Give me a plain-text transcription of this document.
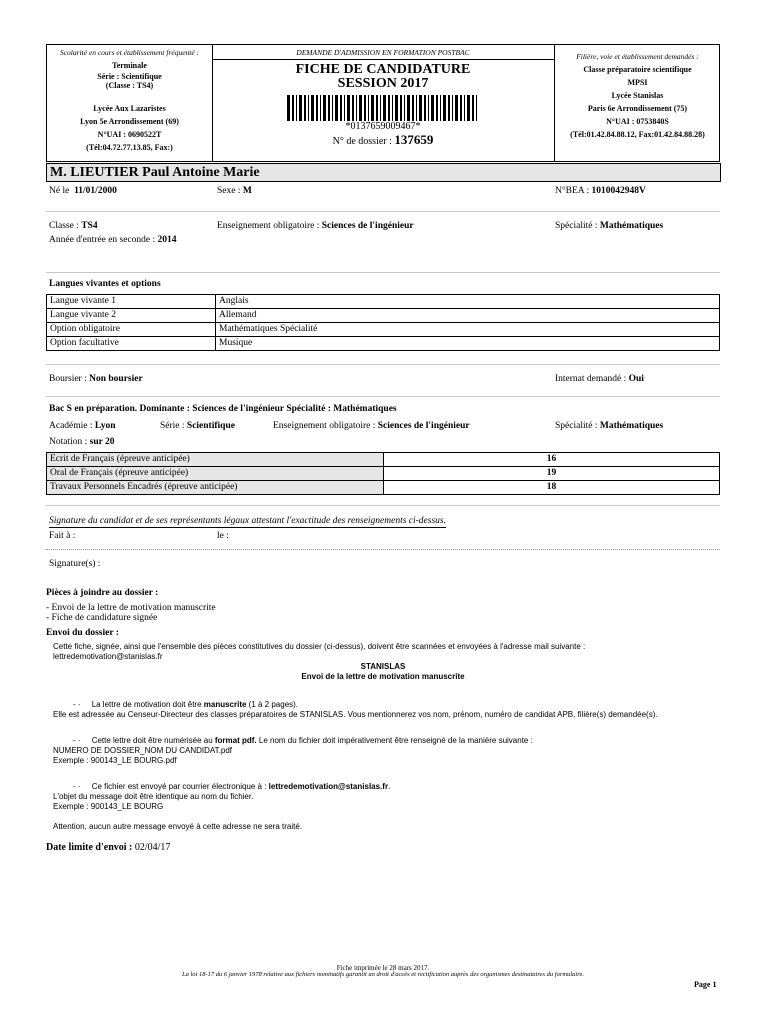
Scolarité en cours et établissement fréquenté :
Terminale
Série : Scientifique
(Classe : TS4)
Lycée Aux Lazaristes
Lyon 5e Arrondissement (69)
N°UAI : 0690522T
(Tél:04.72.77.13.85, Fax:)
DEMANDE D'ADMISSION EN FORMATION POSTBAC
FICHE DE CANDIDATURE
SESSION 2017
*0137659009467*
N° de dossier : 137659
Filière, voie et établissement demandés :
Classe préparatoire scientifique
MPSI
Lycée Stanislas
Paris 6e Arrondissement (75)
N°UAI : 0753840S
(Tél:01.42.84.88.12, Fax:01.42.84.88.28)
M. LIEUTIER Paul Antoine Marie
Né le 11/01/2000	Sexe : M	N°BEA : 1010042948V
Classe : TS4	Enseignement obligatoire : Sciences de l'ingénieur	Spécialité : Mathématiques
Année d'entrée en seconde : 2014
Langues vivantes et options
Langue vivante 1	Anglais
Langue vivante 2	Allemand
Option obligatoire	Mathématiques Spécialité
Option facultative	Musique
Boursier : Non boursier	Internat demandé : Oui
Bac S en préparation. Dominante : Sciences de l'ingénieur Spécialité : Mathématiques
Académie : Lyon	Série : Scientifique	Enseignement obligatoire : Sciences de l'ingénieur	Spécialité : Mathématiques
Notation : sur 20
Ecrit de Français (épreuve anticipée)	16
Oral de Français (épreuve anticipée)	19
Travaux Personnels Encadrés (épreuve anticipée)	18
Signature du candidat et de ses représentants légaux attestant l'exactitude des renseignements ci-dessus.
Fait à :	le :
Signature(s) :
Pièces à joindre au dossier :
- Envoi de la lettre de motivation manuscrite
- Fiche de candidature signée
Envoi du dossier :
Cette fiche, signée, ainsi que l'ensemble des pièces constitutives du dossier (ci-dessus), doivent être scannées et envoyées à l'adresse mail suivante :
lettredemotivation@stanislas.fr
STANISLAS
Envoi de la lettre de motivation manuscrite
- · La lettre de motivation doit être manuscrite (1 à 2 pages).
Elle est adressée au Censeur-Directeur des classes préparatoires de STANISLAS. Vous mentionnerez vos nom, prénom, numéro de candidat APB, filière(s) demandée(s).
- · Cette lettre doit être numérisée au format pdf. Le nom du fichier doit impérativement être renseigné de la manière suivante :
NUMERO DE DOSSIER_NOM DU CANDIDAT.pdf
Exemple : 900143_LE BOURG.pdf
- · Ce fichier est envoyé par courrier électronique à : lettredemotivation@stanislas.fr.
L'objet du message doit être identique au nom du fichier.
Exemple : 900143_LE BOURG
Attention, aucun autre message envoyé à cette adresse ne sera traité.
Date limite d'envoi : 02/04/17
Fiche imprimée le 28 mars 2017.
La loi 18-17 du 6 janvier 1978 relative aux fichiers nominatifs garantit un droit d'accès et rectification auprès des organismes destinataires du formulaire.
Page 1
